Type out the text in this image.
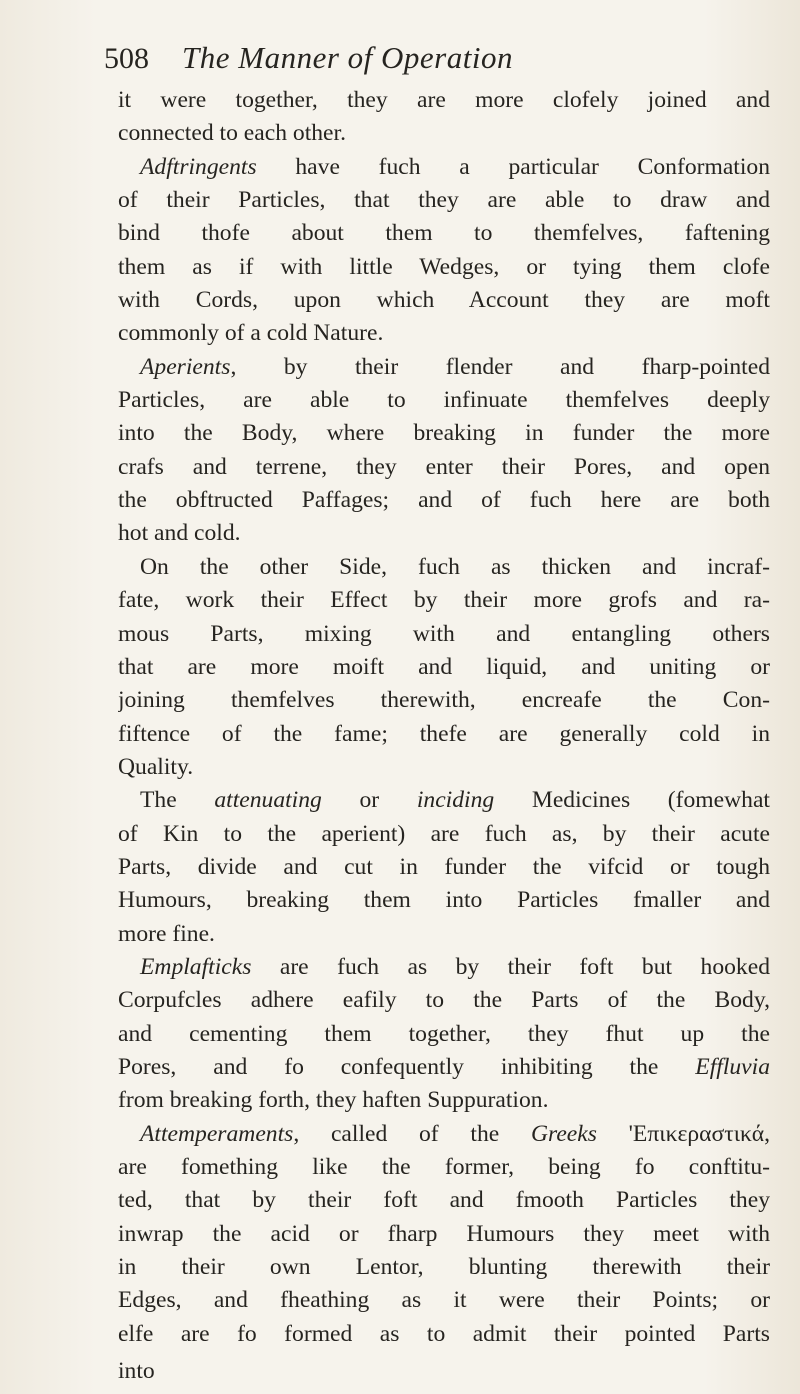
508	The Manner of Operation
it were together, they are more clofely joined and
connected to each other.
Adftringents have fuch a particular Conformation
of their Particles, that they are able to draw and
bind thofe about them to themfelves, faftening
them as if with little Wedges, or tying them clofe
with Cords, upon which Account they are moft
commonly of a cold Nature.
Aperients, by their flender and fharp-pointed
Particles, are able to infinuate themfelves deeply
into the Body, where breaking in funder the more
crafs and terrene, they enter their Pores, and open
the obftructed Paffages; and of fuch here are both
hot and cold.
On the other Side, fuch as thicken and incraf-
fate, work their Effect by their more grofs and ra-
mous Parts, mixing with and entangling others
that are more moift and liquid, and uniting or
joining themfelves therewith, encreafe the Con-
fiftence of the fame; thefe are generally cold in
Quality.
The attenuating or inciding Medicines (fomewhat
of Kin to the aperient) are fuch as, by their acute
Parts, divide and cut in funder the vifcid or tough
Humours, breaking them into Particles fmaller and
more fine.
Emplafticks are fuch as by their foft but hooked
Corpufcles adhere eafily to the Parts of the Body,
and cementing them together, they fhut up the
Pores, and fo confequently inhibiting the Effluvia
from breaking forth, they haften Suppuration.
Attemperaments, called of the Greeks 'Επικεραστικά,
are fomething like the former, being fo conftitu-
ted, that by their foft and fmooth Particles they
inwrap the acid or fharp Humours they meet with
in their own Lentor, blunting therewith their
Edges, and fheathing as it were their Points; or
elfe are fo formed as to admit their pointed Parts
into
